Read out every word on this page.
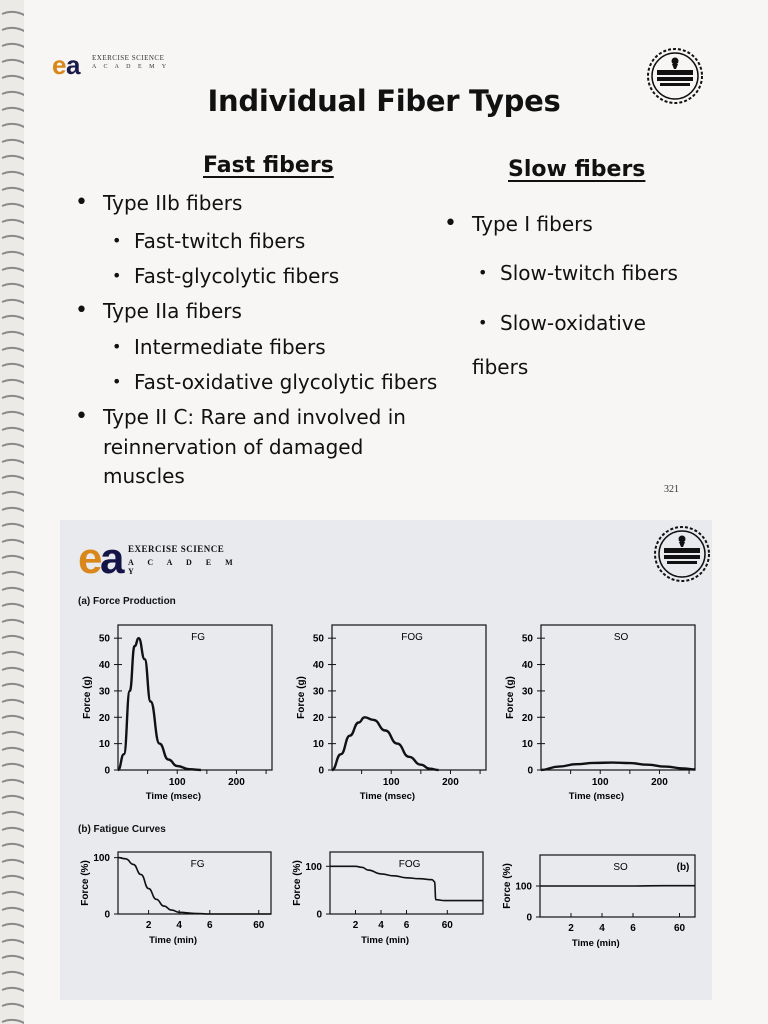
e a EXERCISE SCIENCE
A C A D E M Y
Individual Fiber Types
Fast fibers	Slow fibers
• Type IIb fibers
• Fast-twitch fibers
• Fast-glycolytic fibers
• Type IIa fibers
• Intermediate fibers
• Fast-oxidative glycolytic fibers
• Type II C: Rare and involved in
reinnervation of damaged
muscles
• Type I fibers
• Slow-twitch fibers
• Slow-oxidative
fibers
321
e
a EXERCISE SCIENCE
A C A D E M Y
(a) Force Production
(b) Fatigue Curves
FG
0
10
20
30
40
50
100	200
Time (msec)
Force (g)
FOG
0
10
20
30
40
50
100	200
Time (msec)
Force (g)
SO
0
10
20
30
40
50
100	200
Time (msec)
Force (g)
FG
0
100
2	4	6	60
Time (min)
Force (%)	FOG
0
100
2 4 6	60
Time (min)
Force (%)	SO
0
100
2	4	6	60
Time (min)
Force (%)	(b)
